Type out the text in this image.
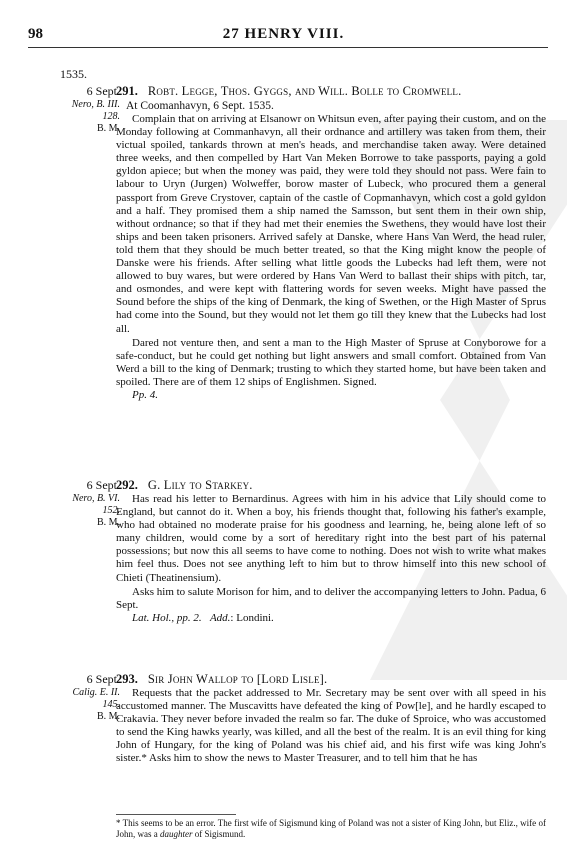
98	27 HENRY VIII.
1535.
6 Sept.
Nero, B. III.
128.
B. M.
291. Robt. Legge, Thos. Gyggs, and Will. Bolle to Cromwell.
At Coomanhavyn, 6 Sept. 1535.

Complain that on arriving at Elsanowr on Whitsun even, after paying their custom, and on the Monday following at Commanhavyn, all their ordnance and artillery was taken from them, their victual spoiled, tankards thrown at men's heads, and merchandise taken away. Were detained three weeks, and then compelled by Hart Van Meken Borrowe to take passports, paying a gold gyldon apiece; but when the money was paid, they were told they should not pass. Were fain to labour to Uryn (Jurgen) Wolweffer, borow master of Lubeck, who procured them a general passport from Greve Crystover, captain of the castle of Copmanhavyn, which cost a gold gyldon and a half. They promised them a ship named the Samsson, but sent them in their own ship, without ordnance; so that if they had met their enemies the Swethens, they would have lost their ships and been taken prisoners. Arrived safely at Danske, where Hans Van Werd, the head ruler, told them that they should be much better treated, so that the King might know the people of Danske were his friends. After selling what little goods the Lubecks had left them, were not allowed to buy wares, but were ordered by Hans Van Werd to ballast their ships with pitch, tar, and osmondes, and were kept with flattering words for seven weeks. Might have passed the Sound before the ships of the king of Denmark, the king of Swethen, or the High Master of Sprus had come into the Sound, but they would not let them go till they knew that the Lubecks had lost all.

Dared not venture then, and sent a man to the High Master of Spruse at Conyborowe for a safe-conduct, but he could get nothing but light answers and small comfort. Obtained from Van Werd a bill to the king of Denmark; trusting to which they started home, but have been taken and spoiled. There are of them 12 ships of Englishmen. Signed.

Pp. 4.
6 Sept.
Nero, B. VI.
152.
B. M.
292. G. Lily to Starkey.

Has read his letter to Bernardinus. Agrees with him in his advice that Lily should come to England, but cannot do it. When a boy, his friends thought that, following his father's example, who had obtained no moderate praise for his goodness and learning, he, being alone left of so many children, would come by a sort of hereditary right into the best part of his paternal possessions; but now this all seems to have come to nothing. Does not wish to write what makes him feel thus. Does not see anything left to him but to throw himself into this new school of Chieti (Theatinensium).

Asks him to salute Morison for him, and to deliver the accompanying letters to John. Padua, 6 Sept.

Lat. Hol., pp. 2. Add.: Londini.
6 Sept.
Calig. E. II.
145.
B. M.
293. Sir John Wallop to [Lord Lisle].

Requests that the packet addressed to Mr. Secretary may be sent over with all speed in his accustomed manner. The Muscavitts have defeated the king of Pow[le], and he hardly escaped to Crakavia. They never before invaded the realm so far. The duke of Sproice, who was accustomed to send the King hawks yearly, was killed, and all the best of the realm. It is an evil thing for king John of Hungary, for the king of Poland was his chief aid, and his first wife was king John's sister.* Asks him to show the news to Master Treasurer, and to tell him that he has

* This seems to be an error. The first wife of Sigismund king of Poland was not a sister of King John, but Eliz., wife of John, was a daughter of Sigismund.
